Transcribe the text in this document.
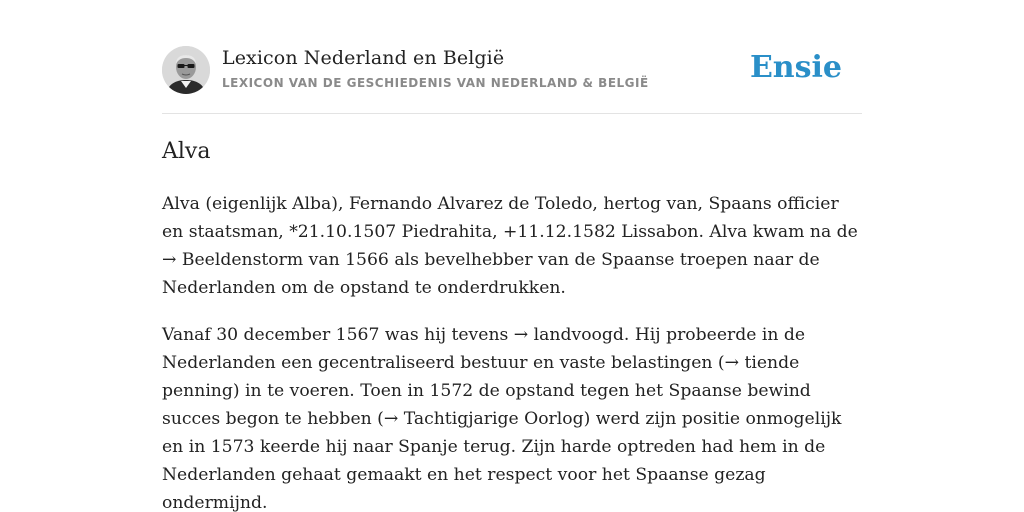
Lexicon Nederland en België
LEXICON VAN DE GESCHIEDENIS VAN NEDERLAND & BELGIË	Ensie
Alva

Alva (eigenlijk Alba), Fernando Alvarez de Toledo, hertog van, Spaans officier en staatsman, *21.10.1507 Piedrahita, +11.12.1582 Lissabon. Alva kwam na de → Beeldenstorm van 1566 als bevelhebber van de Spaanse troepen naar de Nederlanden om de opstand te onderdrukken.

Vanaf 30 december 1567 was hij tevens → landvoogd. Hij probeerde in de Nederlanden een gecentraliseerd bestuur en vaste belastingen (→ tiende penning) in te voeren. Toen in 1572 de opstand tegen het Spaanse bewind succes begon te hebben (→ Tachtigjarige Oorlog) werd zijn positie onmogelijk en in 1573 keerde hij naar Spanje terug. Zijn harde optreden had hem in de Nederlanden gehaat gemaakt en het respect voor het Spaanse gezag ondermijnd.
